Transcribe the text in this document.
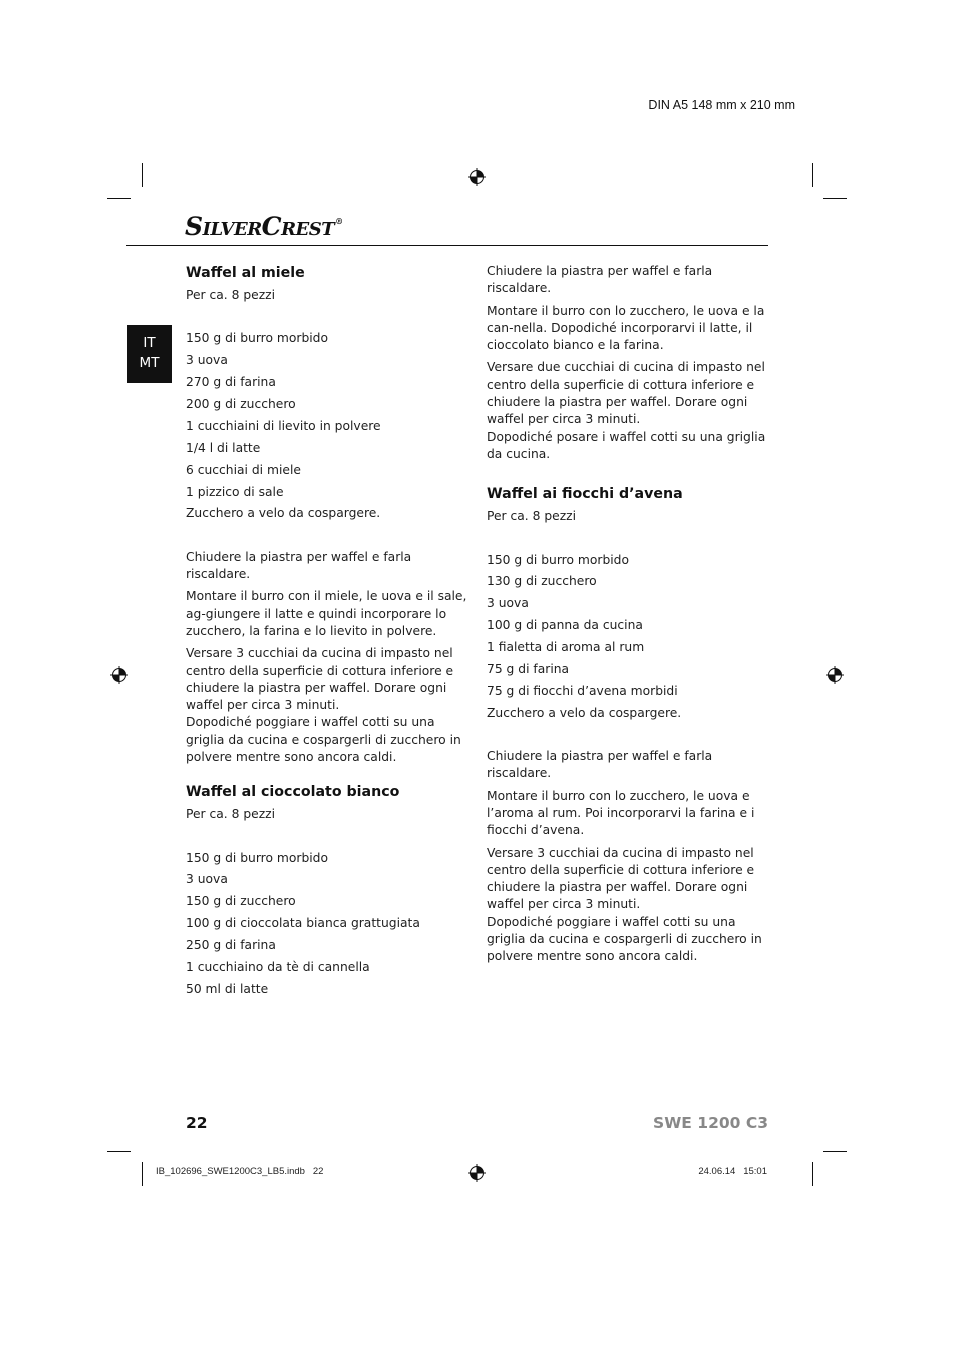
DIN A5 148 mm x 210 mm
SILVERCREST®
IT
MT
Waffel al miele
Per ca. 8 pezzi
150 g di burro morbido
3 uova
270 g di farina
200 g di zucchero
1 cucchiaini di lievito in polvere
1/4 l di latte
6 cucchiai di miele
1 pizzico di sale
Zucchero a velo da cospargere.

Chiudere la piastra per waffel e farla riscaldare.

Montare il burro con il miele, le uova e il sale, ag-giungere il latte e quindi incorporare lo zucchero, la farina e lo lievito in polvere.

Versare 3 cucchiai da cucina di impasto nel centro della superficie di cottura inferiore e chiudere la piastra per waffel. Dorare ogni waffel per circa 3 minuti.

Dopodiché poggiare i waffel cotti su una griglia da cucina e cospargerli di zucchero in polvere mentre sono ancora caldi.

Waffel al cioccolato bianco
Per ca. 8 pezzi
150 g di burro morbido
3 uova
150 g di zucchero
100 g di cioccolata bianca grattugiata
250 g di farina
1 cucchiaino da tè di cannella
50 ml di latte

Chiudere la piastra per waffel e farla riscaldare.

Montare il burro con lo zucchero, le uova e la can-nella. Dopodiché incorporarvi il latte, il cioccolato bianco e la farina.

Versare due cucchiai di cucina di impasto nel centro della superficie di cottura inferiore e chiudere la piastra per waffel. Dorare ogni waffel per circa 3 minuti.

Dopodiché posare i waffel cotti su una griglia da cucina.

Waffel ai fiocchi d’avena
Per ca. 8 pezzi
150 g di burro morbido
130 g di zucchero
3 uova
100 g di panna da cucina
1 fialetta di aroma al rum
75 g di farina
75 g di fiocchi d’avena morbidi
Zucchero a velo da cospargere.

Chiudere la piastra per waffel e farla riscaldare.

Montare il burro con lo zucchero, le uova e l’aroma al rum. Poi incorporarvi la farina e i fiocchi d’avena.

Versare 3 cucchiai da cucina di impasto nel centro della superficie di cottura inferiore e chiudere la piastra per waffel. Dorare ogni waffel per circa 3 minuti.

Dopodiché poggiare i waffel cotti su una griglia da cucina e cospargerli di zucchero in polvere mentre sono ancora caldi.

22	SWE 1200 C3
IB_102696_SWE1200C3_LB5.indb   22	24.06.14   15:01
